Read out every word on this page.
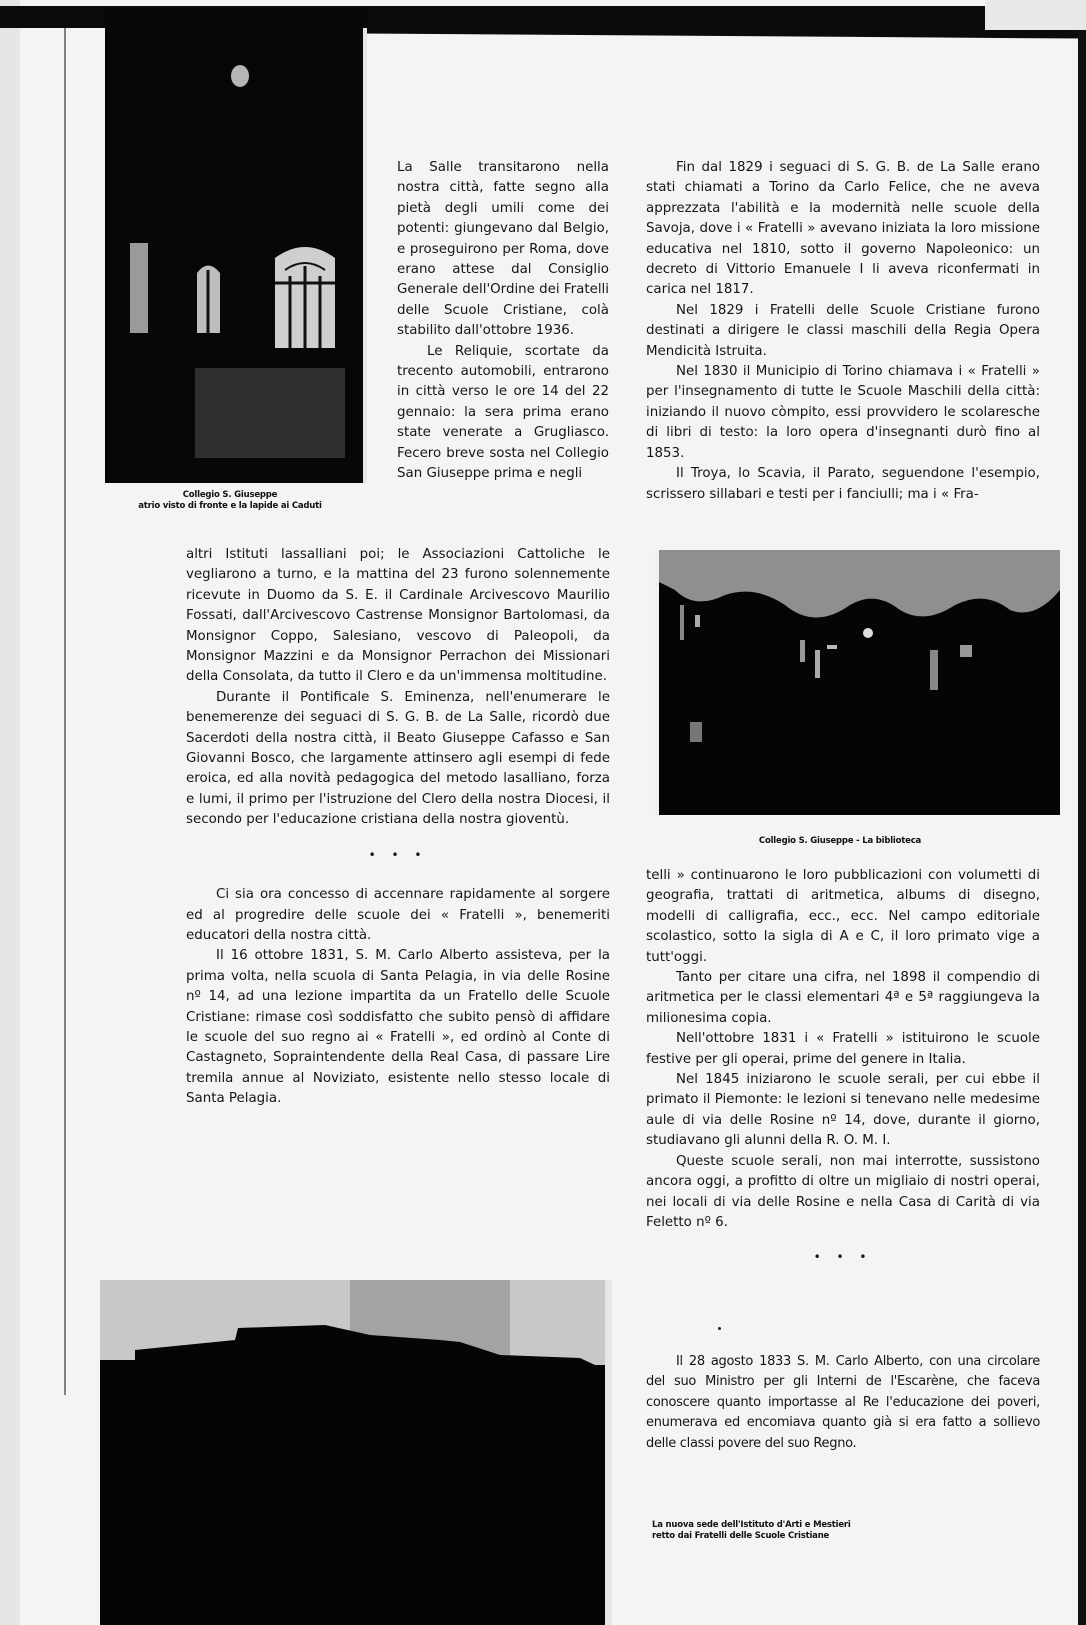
Collegio S. Giuseppe
atrio visto di fronte e la lapide ai Caduti

La Salle transitarono nella nostra città, fatte segno alla pietà degli umili come dei potenti: giungevano dal Belgio, e proseguirono per Roma, dove erano attese dal Consiglio Generale dell'Ordine dei Fratelli delle Scuole Cristiane, colà stabilito dall'ottobre 1936.

Le Reliquie, scortate da trecento automobili, entrarono in città verso le ore 14 del 22 gennaio: la sera prima erano state venerate a Grugliasco. Fecero breve sosta nel Collegio San Giuseppe prima e negli

altri Istituti lassalliani poi; le Associazioni Cattoliche le vegliarono a turno, e la mattina del 23 furono solennemente ricevute in Duomo da S. E. il Cardinale Arcivescovo Maurilio Fossati, dall'Arcivescovo Castrense Monsignor Bartolomasi, da Monsignor Coppo, Salesiano, vescovo di Paleopoli, da Monsignor Mazzini e da Monsignor Perrachon dei Missionari della Consolata, da tutto il Clero e da un'immensa moltitudine.

Durante il Pontificale S. Eminenza, nell'enumerare le benemerenze dei seguaci di S. G. B. de La Salle, ricordò due Sacerdoti della nostra città, il Beato Giuseppe Cafasso e San Giovanni Bosco, che largamente attinsero agli esempi di fede eroica, ed alla novità pedagogica del metodo lasalliano, forza e lumi, il primo per l'istruzione del Clero della nostra Diocesi, il secondo per l'educazione cristiana della nostra gioventù.

• • •

Ci sia ora concesso di accennare rapidamente al sorgere ed al progredire delle scuole dei « Fratelli », benemeriti educatori della nostra città.

Il 16 ottobre 1831, S. M. Carlo Alberto assisteva, per la prima volta, nella scuola di Santa Pelagia, in via delle Rosine nº 14, ad una lezione impartita da un Fratello delle Scuole Cristiane: rimase così soddisfatto che subito pensò di affidare le scuole del suo regno ai « Fratelli », ed ordinò al Conte di Castagneto, Sopraintendente della Real Casa, di passare Lire tremila annue al Noviziato, esistente nello stesso locale di Santa Pelagia.

Fin dal 1829 i seguaci di S. G. B. de La Salle erano stati chiamati a Torino da Carlo Felice, che ne aveva apprezzata l'abilità e la modernità nelle scuole della Savoja, dove i « Fratelli » avevano iniziata la loro missione educativa nel 1810, sotto il governo Napoleonico: un decreto di Vittorio Emanuele I li aveva riconfermati in carica nel 1817.

Nel 1829 i Fratelli delle Scuole Cristiane furono destinati a dirigere le classi maschili della Regia Opera Mendicità Istruita.

Nel 1830 il Municipio di Torino chiamava i « Fratelli » per l'insegnamento di tutte le Scuole Maschili della città: iniziando il nuovo còmpito, essi provvidero le scolaresche di libri di testo: la loro opera d'insegnanti durò fino al 1853.

Il Troya, lo Scavia, il Parato, seguendone l'esempio, scrissero sillabari e testi per i fanciulli; ma i « Fra-

Collegio S. Giuseppe - La biblioteca

telli » continuarono le loro pubblicazioni con volumetti di geografia, trattati di aritmetica, albums di disegno, modelli di calligrafia, ecc., ecc. Nel campo editoriale scolastico, sotto la sigla di A e C, il loro primato vige a tutt'oggi.

Tanto per citare una cifra, nel 1898 il compendio di aritmetica per le classi elementari 4ª e 5ª raggiungeva la milionesima copia.

Nell'ottobre 1831 i « Fratelli » istituirono le scuole festive per gli operai, prime del genere in Italia.

Nel 1845 iniziarono le scuole serali, per cui ebbe il primato il Piemonte: le lezioni si tenevano nelle medesime aule di via delle Rosine nº 14, dove, durante il giorno, studiavano gli alunni della R. O. M. I.

Queste scuole serali, non mai interrotte, sussistono ancora oggi, a profitto di oltre un migliaio di nostri operai, nei locali di via delle Rosine e nella Casa di Carità di via Feletto nº 6.

• • •

Il 28 agosto 1833 S. M. Carlo Alberto, con una circolare del suo Ministro per gli Interni de l'Escarène, che faceva conoscere quanto importasse al Re l'educazione dei poveri, enumerava ed encomiava quanto già si era fatto a sollievo delle classi povere del suo Regno.

La nuova sede dell'Istituto d'Arti e Mestieri
retto dai Fratelli delle Scuole Cristiane
